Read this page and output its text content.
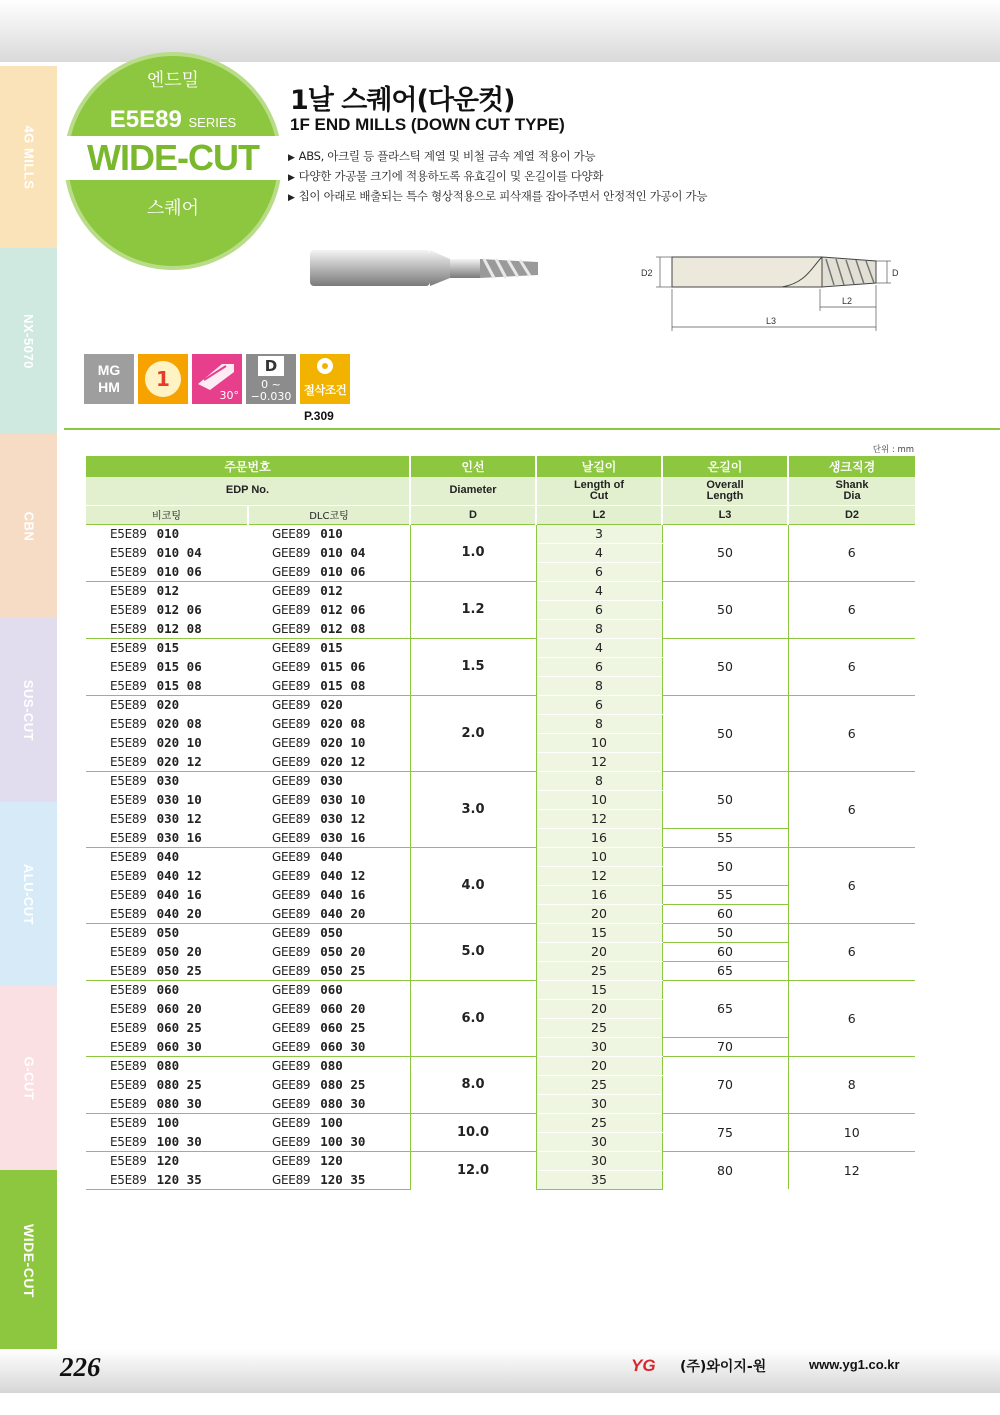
4G MILLS
NX-5070
CBN
SUS-CUT
ALU-CUT
G-CUT
WIDE-CUT
엔드밀
E5E89 SERIES
WIDE-CUT
스퀘어
1날 스퀘어(다운컷)
1F END MILLS (DOWN CUT TYPE)
▶ ABS, 아크릴 등 플라스틱 계열 및 비철 금속 계열 적용이 가능
▶ 다양한 가공물 크기에 적용하도록 유효길이 및 온길이를 다양화
▶ 칩이 아래로 배출되는 특수 형상적용으로 피삭재를 잡아주면서 안정적인 가공이 가능
D2	D
L2
L3
MG
HM	1
30°
D
0 ~
−0.030	절삭조건
P.309
단위 : mm
주문번호		인선	날길이	온길이	생크직경
EDP No.		Diameter	Length of Cut	Overall Length	Shank Dia
비코팅	DLC코팅	D	L2	L3	D2
E5E89 010	GEE89 010	1.0	3	50	6
E5E89 010 04	GEE89 010 04		4		
E5E89 010 06	GEE89 010 06		6		
E5E89 012	GEE89 012	1.2	4	50	6
E5E89 012 06	GEE89 012 06		6		
E5E89 012 08	GEE89 012 08		8		
E5E89 015	GEE89 015	1.5	4	50	6
E5E89 015 06	GEE89 015 06		6		
E5E89 015 08	GEE89 015 08		8		
E5E89 020	GEE89 020	2.0	6	50	6
E5E89 020 08	GEE89 020 08		8		
E5E89 020 10	GEE89 020 10		10		
E5E89 020 12	GEE89 020 12		12		
E5E89 030	GEE89 030	3.0	8	50	6
E5E89 030 10	GEE89 030 10		10		
E5E89 030 12	GEE89 030 12		12		
E5E89 030 16	GEE89 030 16		16	55	
E5E89 040	GEE89 040	4.0	10	50	6
E5E89 040 12	GEE89 040 12		12		
E5E89 040 16	GEE89 040 16		16	55	
E5E89 040 20	GEE89 040 20		20	60	
E5E89 050	GEE89 050	5.0	15	50	6
E5E89 050 20	GEE89 050 20		20	60	
E5E89 050 25	GEE89 050 25		25	65	
E5E89 060	GEE89 060	6.0	15	65	6
E5E89 060 20	GEE89 060 20		20		
E5E89 060 25	GEE89 060 25		25		
E5E89 060 30	GEE89 060 30		30	70	
E5E89 080	GEE89 080	8.0	20	70	8
E5E89 080 25	GEE89 080 25		25		
E5E89 080 30	GEE89 080 30		30		
E5E89 100	GEE89 100	10.0	25	75	10
E5E89 100 30	GEE89 100 30		30		
E5E89 120	GEE89 120	12.0	30	80	12
E5E89 120 35	GEE89 120 35		35		
226	YG (주)와이지-원	www.yg1.co.kr
